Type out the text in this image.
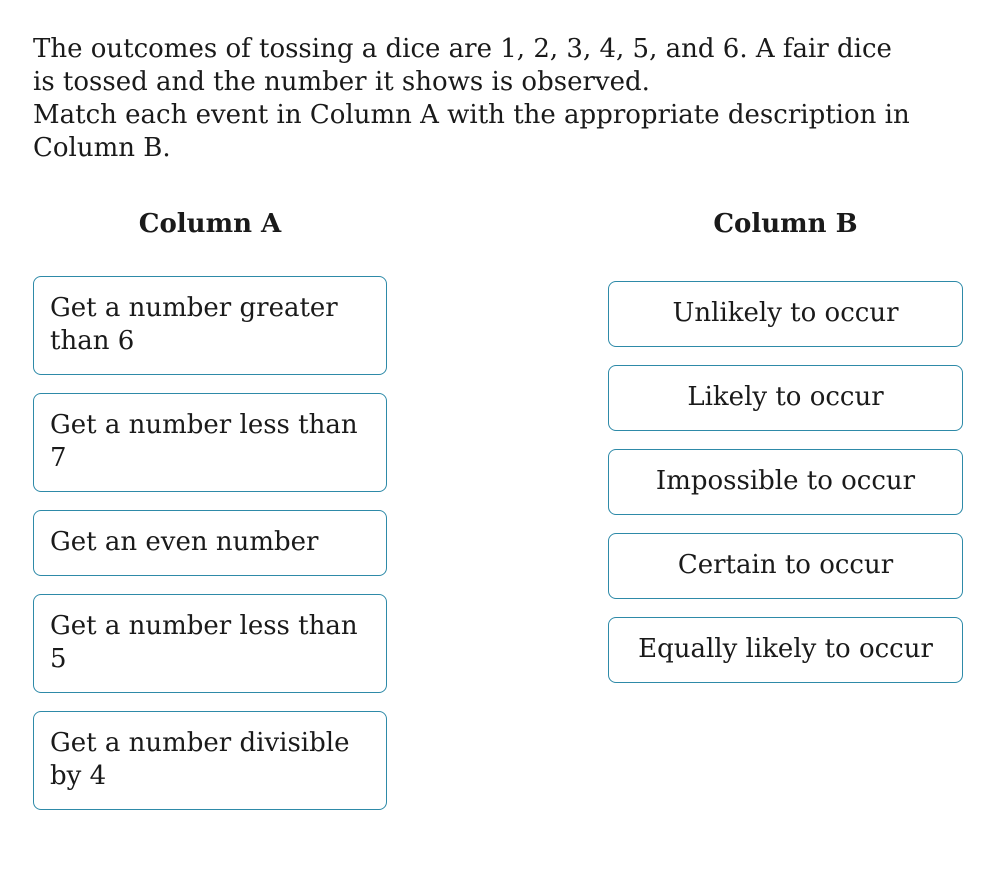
The outcomes of tossing a dice are 1, 2, 3, 4, 5, and 6. A fair dice is tossed and the number it shows is observed.

Match each event in Column A with the appropriate description in Column B.

Column A	Column B
Get a number greater than 6
Get a number less than 7
Get an even number
Get a number less than 5
Get a number divisible by 4
Unlikely to occur
Likely to occur
Impossible to occur
Certain to occur
Equally likely to occur
